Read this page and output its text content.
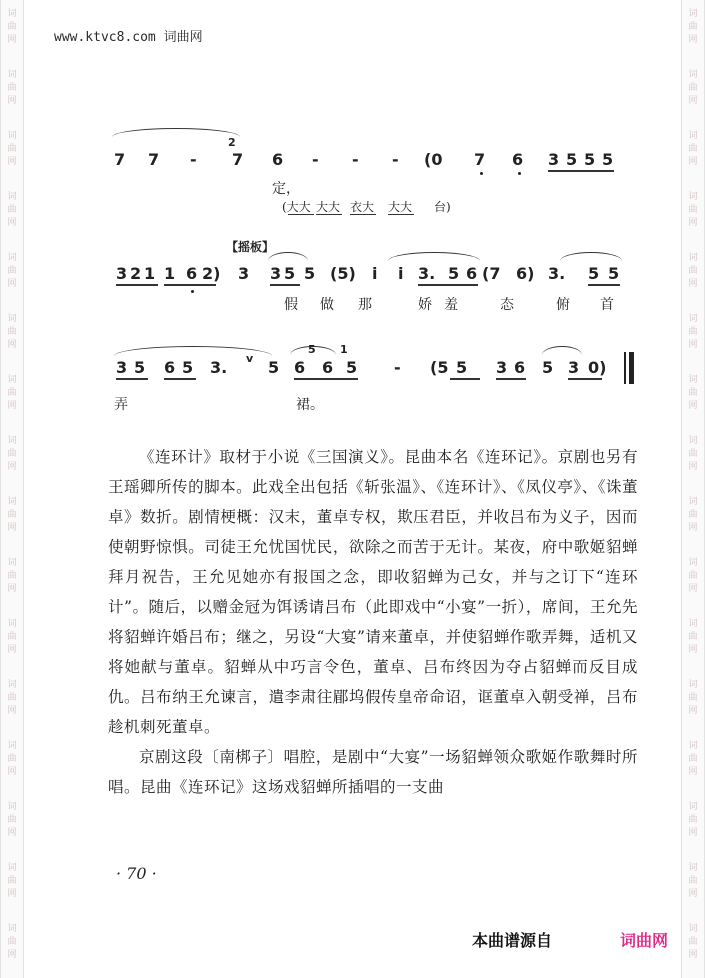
词
曲
网
词
曲
网
词
曲
网
词
曲
网
词
曲
网
词
曲
网
词
曲
网
词
曲
网
词
曲
网
词
曲
网
词
曲
网
词
曲
网
词
曲
网
词
曲
网
词
曲
网
词
曲
网
词
曲
网
词
曲
网
词
曲
网
词
曲
网
词
曲
网
词
曲
网
词
曲
网
词
曲
网
词
曲
网
词
曲
网
词
曲
网
词
曲
网
词
曲
网
词
曲
网
词
曲
网
词
曲
网
www.ktvc8.com 词曲网
2
7 7 - 7 6 - - - (0 7 6 3 5 5 5
定，
(大大 大大 衣大 大大 台)
【摇板】
3 2 1 1 6 2) 3 3 5 5 (5) i i 3. 5 6 (7 6) 3. 5 5
假 做 那	娇 羞	态	俯 首
5 1
3 5 6 5 3. v 5 6 6 5 - (5 5 3 6 5 3 0)
弄	裙。

《连环计》取材于小说《三国演义》。昆曲本名《连环记》。京剧也另有王瑶卿所传的脚本。此戏全出包括《斩张温》、《连环计》、《凤仪亭》、《诛董卓》数折。剧情梗概：汉末，董卓专权，欺压君臣，并收吕布为义子，因而使朝野惊惧。司徒王允忧国忧民，欲除之而苦于无计。某夜，府中歌姬貂蝉拜月祝告，王允见她亦有报国之念，即收貂蝉为己女，并与之订下“连环计”。随后，以赠金冠为饵诱请吕布（此即戏中“小宴”一折），席间，王允先将貂蝉许婚吕布；继之，另设“大宴”请来董卓，并使貂蝉作歌弄舞，适机又将她献与董卓。貂蝉从中巧言令色，董卓、吕布终因为夺占貂蝉而反目成仇。吕布纳王允谏言，遣李肃往郿坞假传皇帝命诏，诓董卓入朝受禅，吕布趁机刺死董卓。

京剧这段〔南梆子〕唱腔，是剧中“大宴”一场貂蝉领众歌姬作歌舞时所唱。昆曲《连环记》这场戏貂蝉所插唱的一支曲

· 70 ·
本曲谱源自	词曲网
